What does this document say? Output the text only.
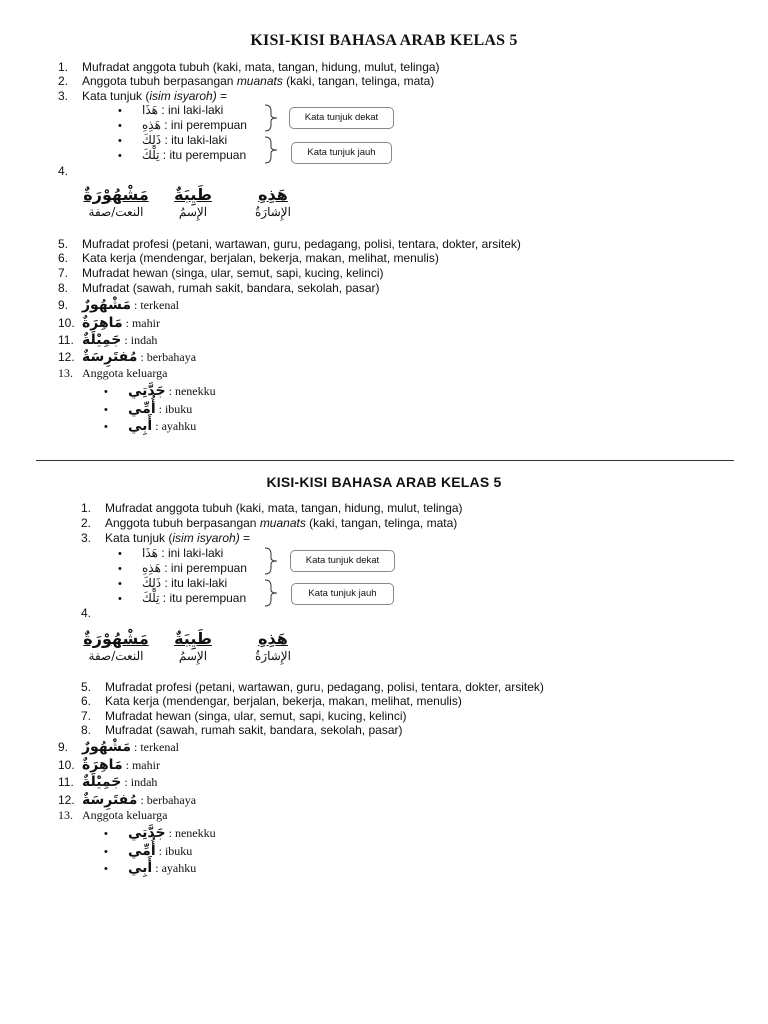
KISI-KISI BAHASA ARAB KELAS 5
1. Mufradat anggota tubuh (kaki, mata, tangan, hidung, mulut, telinga)
2. Anggota tubuh berpasangan muanats (kaki, tangan, telinga, mata)
3. Kata tunjuk (isim isyaroh) =
• هَذَا : ini laki-laki
• هَذِهِ : ini perempuan
• ذَلِكَ : itu laki-laki
• تِلْكَ : itu perempuan
Kata tunjuk dekat
Kata tunjuk jauh
4.
مَشْهُوْرَةٌ
النعت/صفة
طَيِبَةٌ
الإِسمُ
هَذِهِ
الإِشارَةُ
5. Mufradat profesi (petani, wartawan, guru, pedagang, polisi, tentara, dokter, arsitek)
6. Kata kerja (mendengar, berjalan, bekerja, makan, melihat, menulis)
7. Mufradat hewan (singa, ular, semut, sapi, kucing, kelinci)
8. Mufradat (sawah, rumah sakit, bandara, sekolah, pasar)
9. مَشْهُورٌ : terkenal
10. مَاهِرَةٌ : mahir
11. جَمِيْلَةٌ : indah
12. مُفتَرِسَةٌ : berbahaya
13. Anggota keluarga
• جَدَّتِي : nenekku
• أُمِّي : ibuku
• أَبِي : ayahku
KISI-KISI BAHASA ARAB KELAS 5
1. Mufradat anggota tubuh (kaki, mata, tangan, hidung, mulut, telinga)
2. Anggota tubuh berpasangan muanats (kaki, tangan, telinga, mata)
3. Kata tunjuk (isim isyaroh) =
• هَذَا : ini laki-laki
• هَذِهِ : ini perempuan
• ذَلِكَ : itu laki-laki
• تِلْكَ : itu perempuan
Kata tunjuk dekat
Kata tunjuk jauh
4.
مَشْهُوْرَةٌ
النعت/صفة
طَيِبَةٌ
الإِسمُ
هَذِهِ
الإِشارَةُ
5. Mufradat profesi (petani, wartawan, guru, pedagang, polisi, tentara, dokter, arsitek)
6. Kata kerja (mendengar, berjalan, bekerja, makan, melihat, menulis)
7. Mufradat hewan (singa, ular, semut, sapi, kucing, kelinci)
8. Mufradat (sawah, rumah sakit, bandara, sekolah, pasar)
9. مَشْهُورٌ : terkenal
10. مَاهِرَةٌ : mahir
11. جَمِيْلَةٌ : indah
12. مُفتَرِسَةٌ : berbahaya
13. Anggota keluarga
• جَدَّتِي : nenekku
• أُمِّي : ibuku
• أَبِي : ayahku
